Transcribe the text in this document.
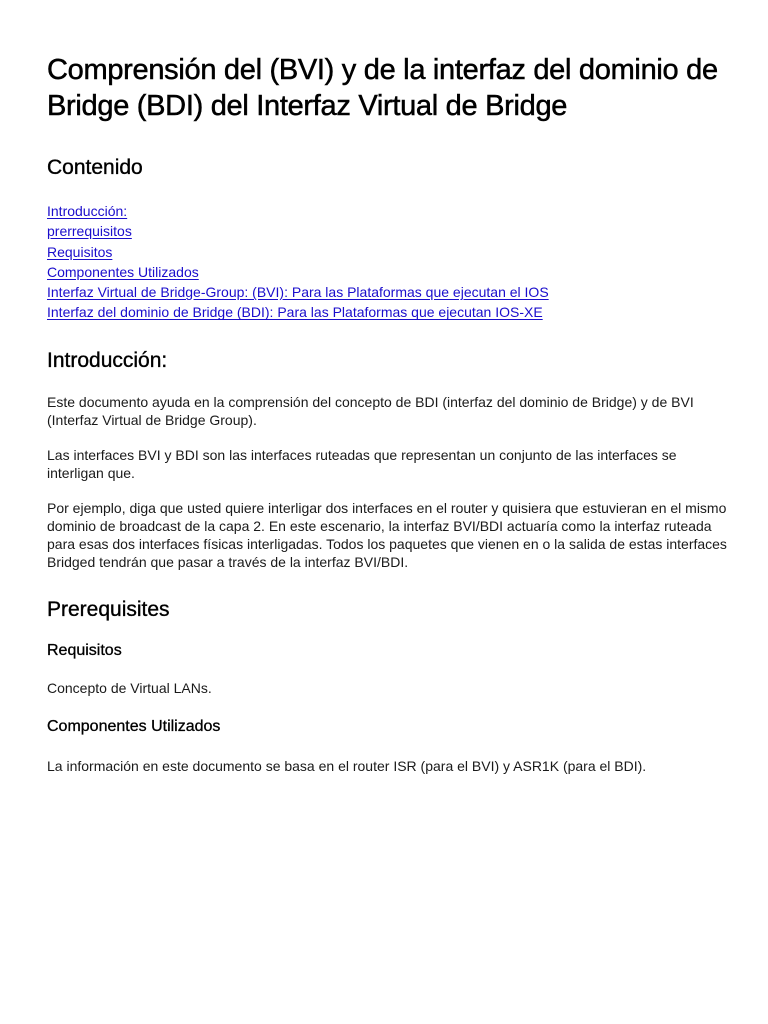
Comprensión del (BVI) y de la interfaz del dominio de Bridge (BDI) del Interfaz Virtual de Bridge
Contenido
Introducción:
prerrequisitos
Requisitos
Componentes Utilizados
Interfaz Virtual de Bridge-Group: (BVI): Para las Plataformas que ejecutan el IOS
Interfaz del dominio de Bridge (BDI): Para las Plataformas que ejecutan IOS-XE
Introducción:

Este documento ayuda en la comprensión del concepto de BDI (interfaz del dominio de Bridge) y de BVI (Interfaz Virtual de Bridge Group).

Las interfaces BVI y BDI son las interfaces ruteadas que representan un conjunto de las interfaces se interligan que.

Por ejemplo, diga que usted quiere interligar dos interfaces en el router y quisiera que estuvieran en el mismo dominio de broadcast de la capa 2. En este escenario, la interfaz BVI/BDI actuaría como la interfaz ruteada para esas dos interfaces físicas interligadas. Todos los paquetes que vienen en o la salida de estas interfaces Bridged tendrán que pasar a través de la interfaz BVI/BDI.

Prerequisites
Requisitos

Concepto de Virtual LANs.

Componentes Utilizados

La información en este documento se basa en el router ISR (para el BVI) y ASR1K (para el BDI).
